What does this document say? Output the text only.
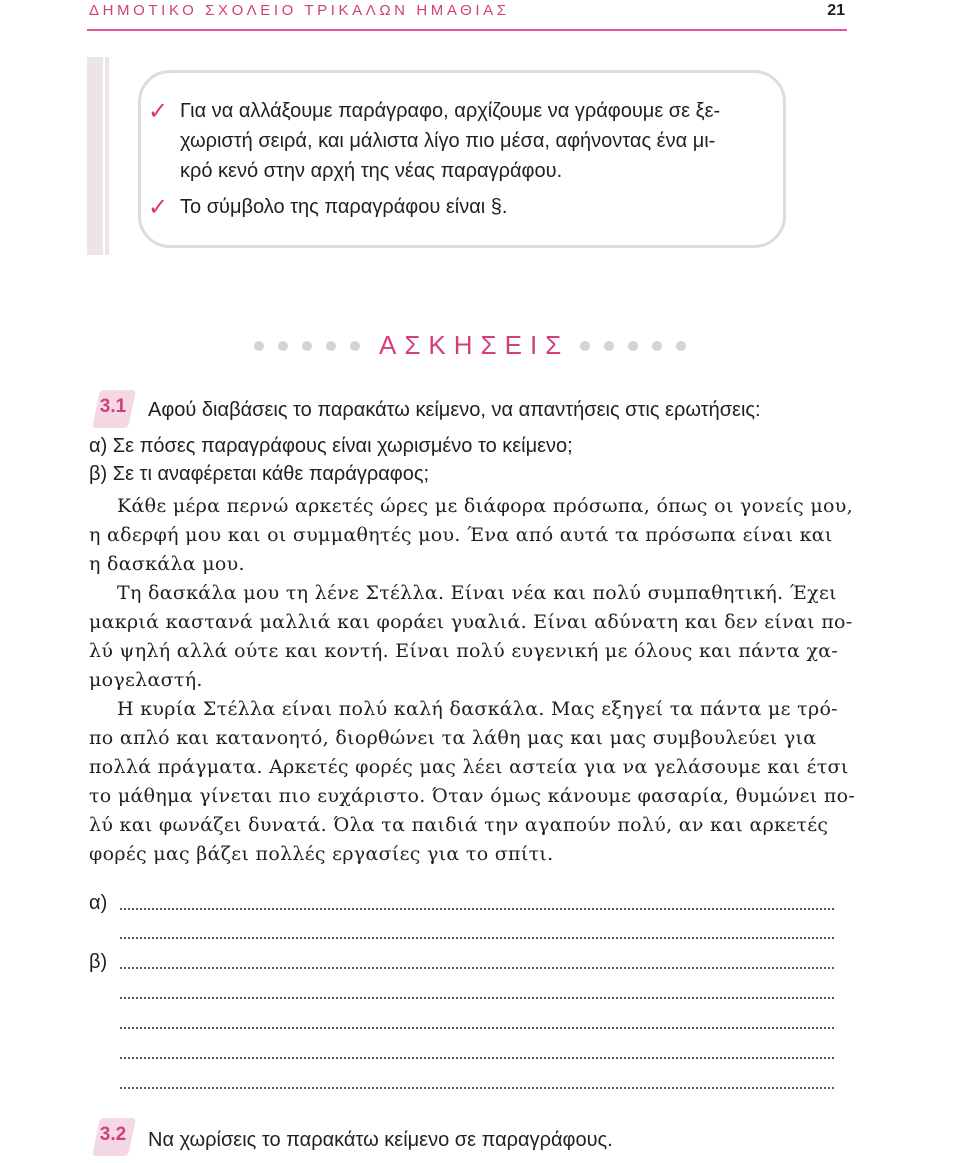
ΔΗΜΟΤΙΚΟ ΣΧΟΛΕΙΟ ΤΡΙΚΑΛΩΝ ΗΜΑΘΙΑΣ	21
✓ Για να αλλάξουμε παράγραφο, αρχίζουμε να γράφουμε σε ξε-
χωριστή σειρά, και μάλιστα λίγο πιο μέσα, αφήνοντας ένα μι-
κρό κενό στην αρχή της νέας παραγράφου.
✓ Το σύμβολο της παραγράφου είναι §.
ΑΣΚΗΣΕΙΣ
3.1	Αφού διαβάσεις το παρακάτω κείμενο, να απαντήσεις στις ερωτήσεις:
α) Σε πόσες παραγράφους είναι χωρισμένο το κείμενο;
β) Σε τι αναφέρεται κάθε παράγραφος;

Κάθε μέρα περνώ αρκετές ώρες με διάφορα πρόσωπα, όπως οι γονείς μου,

η αδερφή μου και οι συμμαθητές μου. Ένα από αυτά τα πρόσωπα είναι και

η δασκάλα μου.

Τη δασκάλα μου τη λένε Στέλλα. Είναι νέα και πολύ συμπαθητική. Έχει

μακριά καστανά μαλλιά και φοράει γυαλιά. Είναι αδύνατη και δεν είναι πο-

λύ ψηλή αλλά ούτε και κοντή. Είναι πολύ ευγενική με όλους και πάντα χα-

μογελαστή.

Η κυρία Στέλλα είναι πολύ καλή δασκάλα. Μας εξηγεί τα πάντα με τρό-

πο απλό και κατανοητό, διορθώνει τα λάθη μας και μας συμβουλεύει για

πολλά πράγματα. Αρκετές φορές μας λέει αστεία για να γελάσουμε και έτσι

το μάθημα γίνεται πιο ευχάριστο. Όταν όμως κάνουμε φασαρία, θυμώνει πο-

λύ και φωνάζει δυνατά. Όλα τα παιδιά την αγαπούν πολύ, αν και αρκετές

φορές μας βάζει πολλές εργασίες για το σπίτι.

α)
β)
3.2	Να χωρίσεις το παρακάτω κείμενο σε παραγράφους.
